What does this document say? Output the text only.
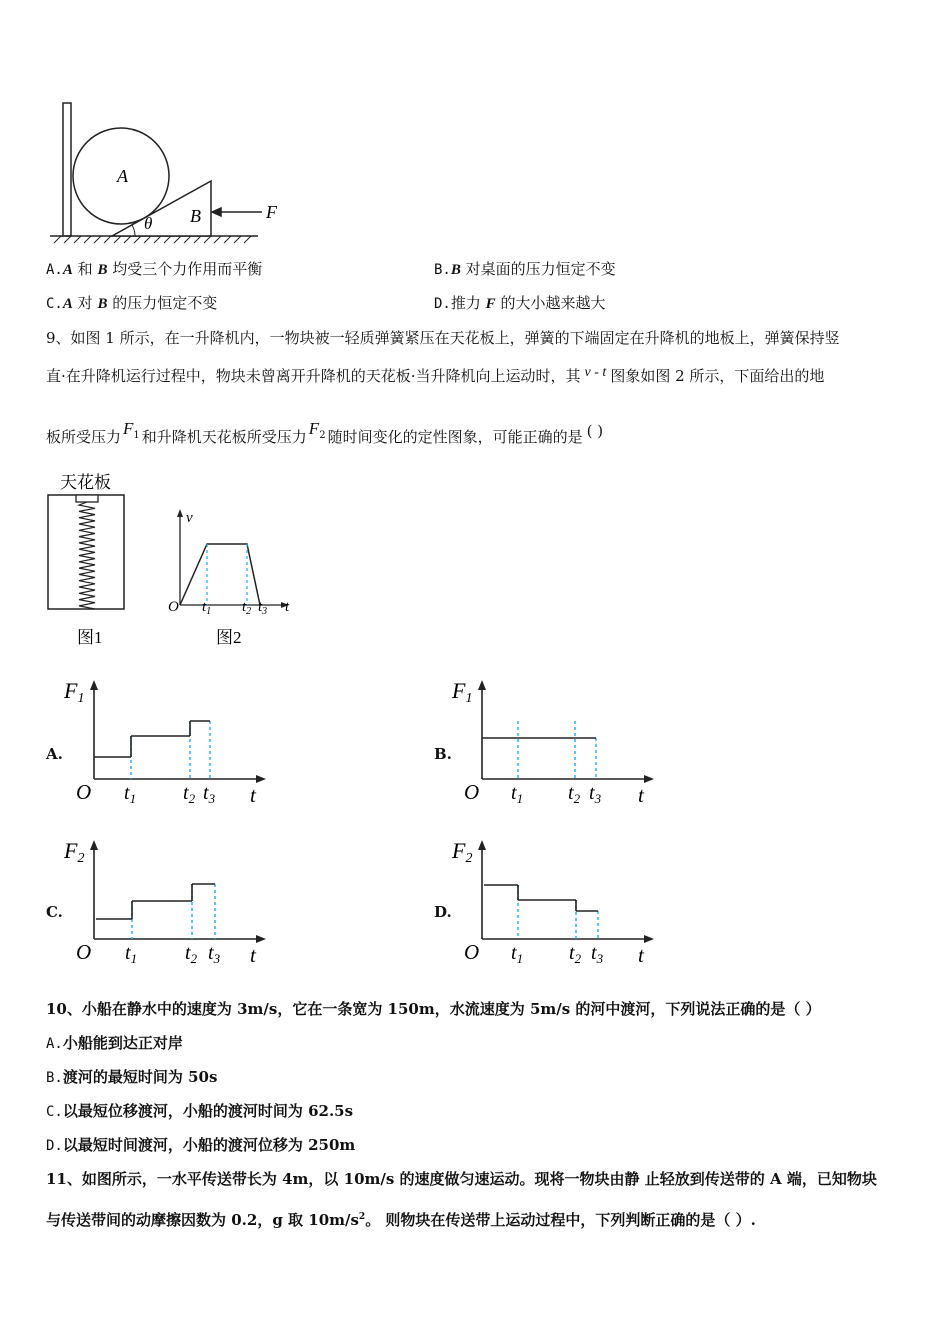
A
B
θ
F
A.A 和 B 均受三个力作用而平衡	B.B 对桌面的压力恒定不变
C.A 对 B 的压力恒定不变	D.推力 F 的大小越来越大
9、如图 1 所示，在一升降机内，一物块被一轻质弹簧紧压在天花板上，弹簧的下端固定在升降机的地板上，弹簧保持竖
直·在升降机运行过程中，物块未曾离开升降机的天花板·当升降机向上运动时，其 v - t 图象如图 2 所示，下面给出的地
板所受压力 $F_1$ 和升降机天花板所受压力 $F_2$ 随时间变化的定性图象，可能正确的是 ( )
天花板
图1
v
O $t_1$ $t_2$ $t_3$ t
图2
A.
F1
O	t
$t_1$ $t_2$ $t_3$
B.
F1
O	t
$t_1$ $t_2$ $t_3$
C.
F2
O	t
$t_1$ $t_2$ $t_3$
D.
F2
O	t
$t_1$ $t_2$ $t_3$
10、小船在静水中的速度为 3m/s，它在一条宽为 150m，水流速度为 5m/s 的河中渡河，下列说法正确的是（ ）
A.小船能到达正对岸
B.渡河的最短时间为 50s
C.以最短位移渡河，小船的渡河时间为 62.5s
D.以最短时间渡河，小船的渡河位移为 250m
11、如图所示，一水平传送带长为 4m，以 10m/s 的速度做匀速运动。现将一物块由静 止轻放到传送带的 A 端，已知物块
与传送带间的动摩擦因数为 0.2，g 取 $10m/s^2$。 则物块在传送带上运动过程中，下列判断正确的是（ ）.
